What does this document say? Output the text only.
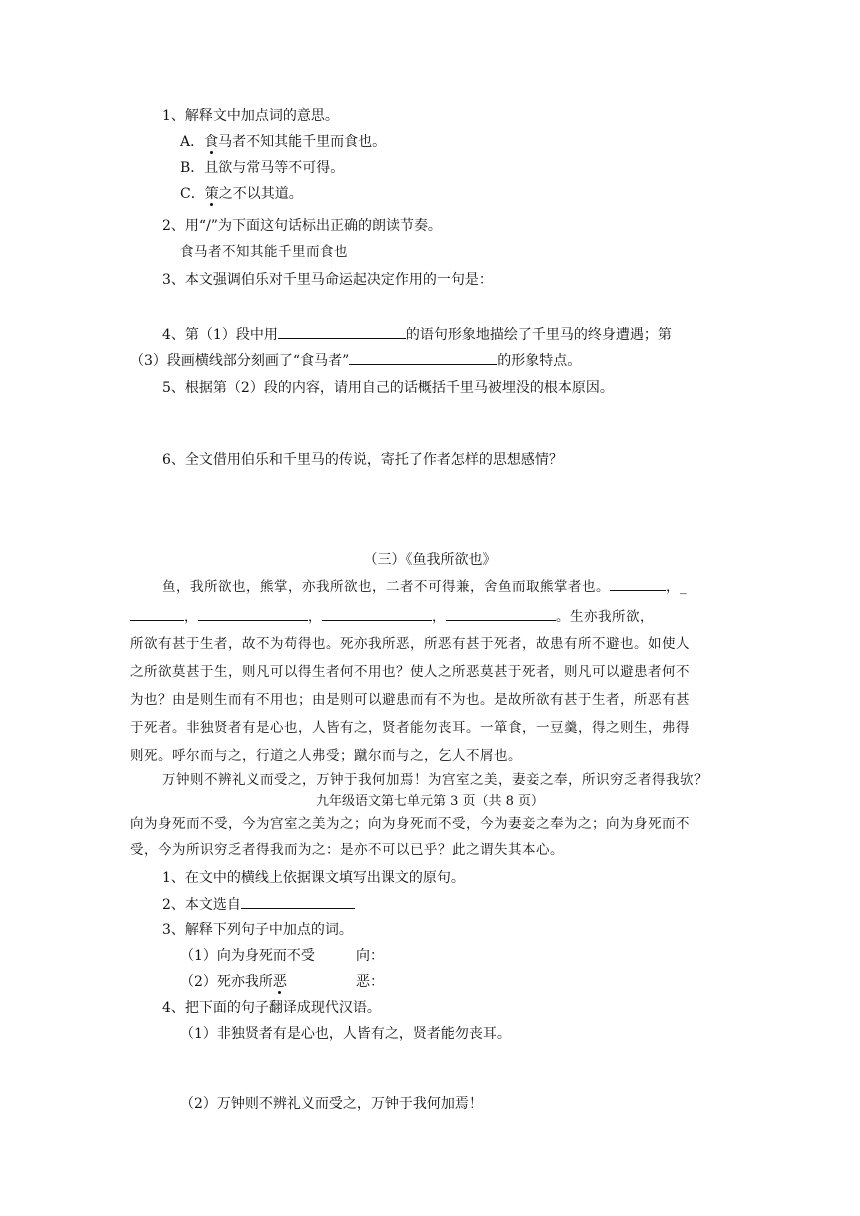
1、解释文中加点词的意思。
A．食马者不知其能千里而食也。
B．且欲与常马等不可得。
C．策之不以其道。
2、用“/”为下面这句话标出正确的朗读节奏。
食马者不知其能千里而食也
3、本文强调伯乐对千里马命运起决定作用的一句是：
4、第（1）段中用	的语句形象地描绘了千里马的终身遭遇；第
（3）段画横线部分刻画了“食马者”	的形象特点。
5、根据第（2）段的内容，请用自己的话概括千里马被埋没的根本原因。
6、全文借用伯乐和千里马的传说，寄托了作者怎样的思想感情？
（三）《鱼我所欲也》
鱼，我所欲也，熊掌，亦我所欲也，二者不可得兼，舍鱼而取熊掌者也。	，_
，	，	，	。生亦我所欲，
所欲有甚于生者，故不为苟得也。死亦我所恶，所恶有甚于死者，故患有所不避也。如使人
之所欲莫甚于生，则凡可以得生者何不用也？使人之所恶莫甚于死者，则凡可以避患者何不
为也？由是则生而有不用也；由是则可以避患而有不为也。是故所欲有甚于生者，所恶有甚
于死者。非独贤者有是心也，人皆有之，贤者能勿丧耳。一箪食，一豆羹，得之则生，弗得
则死。呼尔而与之，行道之人弗受；蹴尔而与之，乞人不屑也。
万钟则不辨礼义而受之，万钟于我何加焉！为宫室之美，妻妾之奉，所识穷乏者得我欤？
九年级语文第七单元第 3 页（共 8 页）
向为身死而不受，今为宫室之美为之；向为身死而不受，今为妻妾之奉为之；向为身死而不
受，今为所识穷乏者得我而为之：是亦不可以已乎？此之谓失其本心。
1、在文中的横线上依据课文填写出课文的原句。
2、本文选自
3、解释下列句子中加点的词。
（1）向为身死而不受	向：
（2）死亦我所恶	恶：
4、把下面的句子翻译成现代汉语。
（1）非独贤者有是心也，人皆有之，贤者能勿丧耳。
（2）万钟则不辨礼义而受之，万钟于我何加焉！
